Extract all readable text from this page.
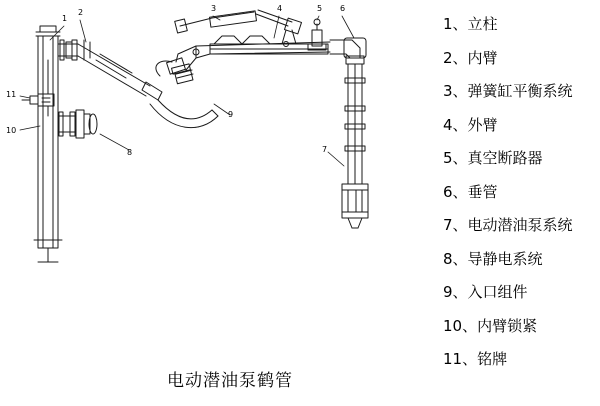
1
2	3	4	5 6
7
8
9
10
11
电动潜油泵鹤管
1、立柱
2、内臂
3、弹簧缸平衡系统
4、外臂
5、真空断路器
6、垂管
7、电动潜油泵系统
8、导静电系统
9、入口组件
10、内臂锁紧
11、铭牌
